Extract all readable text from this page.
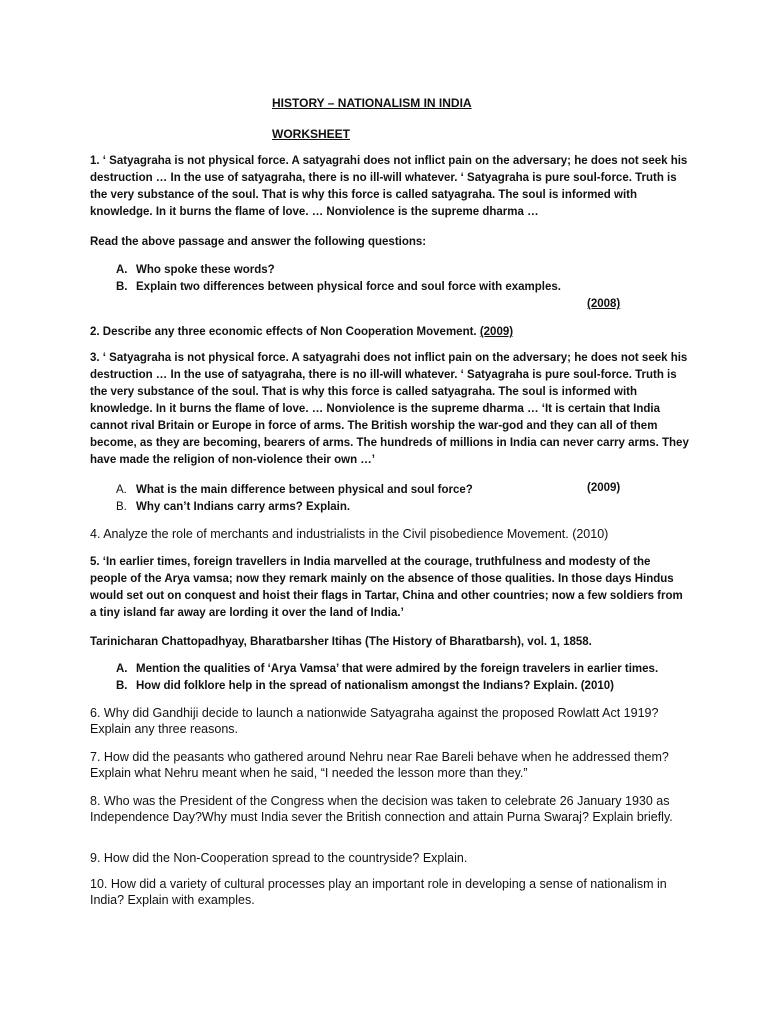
HISTORY – NATIONALISM IN INDIA
WORKSHEET
1. ‘ Satyagraha is not physical force. A satyagrahi does not inflict pain on the adversary; he does not seek his destruction … In the use of satyagraha, there is no ill-will whatever. ‘ Satyagraha is pure soul-force. Truth is the very substance of the soul. That is why this force is called satyagraha. The soul is informed with knowledge. In it burns the flame of love. … Nonviolence is the supreme dharma …
Read the above passage and answer the following questions:
A. Who spoke these words?
B. Explain two differences between physical force and soul force with examples.
(2008)
2. Describe any three economic effects of Non Cooperation Movement. (2009)
3. ‘ Satyagraha is not physical force. A satyagrahi does not inflict pain on the adversary; he does not seek his destruction … In the use of satyagraha, there is no ill-will whatever. ‘ Satyagraha is pure soul-force. Truth is the very substance of the soul. That is why this force is called satyagraha. The soul is informed with knowledge. In it burns the flame of love. … Nonviolence is the supreme dharma … ‘It is certain that India cannot rival Britain or Europe in force of arms. The British worship the war-god and they can all of them become, as they are becoming, bearers of arms. The hundreds of millions in India can never carry arms. They have made the religion of non-violence their own …’
A. What is the main difference between physical and soul force?
B. Why can’t Indians carry arms? Explain.
(2009)
4. Analyze the role of merchants and industrialists in the Civil pisobedience Movement. (2010)
5. ‘In earlier times, foreign travellers in India marvelled at the courage, truthfulness and modesty of the people of the Arya vamsa; now they remark mainly on the absence of those qualities. In those days Hindus would set out on conquest and hoist their flags in Tartar, China and other countries; now a few soldiers from a tiny island far away are lording it over the land of India.’
Tarinicharan Chattopadhyay, Bharatbarsher Itihas (The History of Bharatbarsh), vol. 1, 1858.
A. Mention the qualities of ‘Arya Vamsa’ that were admired by the foreign travelers in earlier times.
B. How did folklore help in the spread of nationalism amongst the Indians? Explain. (2010)
6. Why did Gandhiji decide to launch a nationwide Satyagraha against the proposed Rowlatt Act 1919? Explain any three reasons.
7. How did the peasants who gathered around Nehru near Rae Bareli behave when he addressed them? Explain what Nehru meant when he said, “I needed the lesson more than they.”
8. Who was the President of the Congress when the decision was taken to celebrate 26 January 1930 as Independence Day?Why must India sever the British connection and attain Purna Swaraj? Explain briefly.
9. How did the Non-Cooperation spread to the countryside? Explain.
10. How did a variety of cultural processes play an important role in developing a sense of nationalism in India? Explain with examples.
